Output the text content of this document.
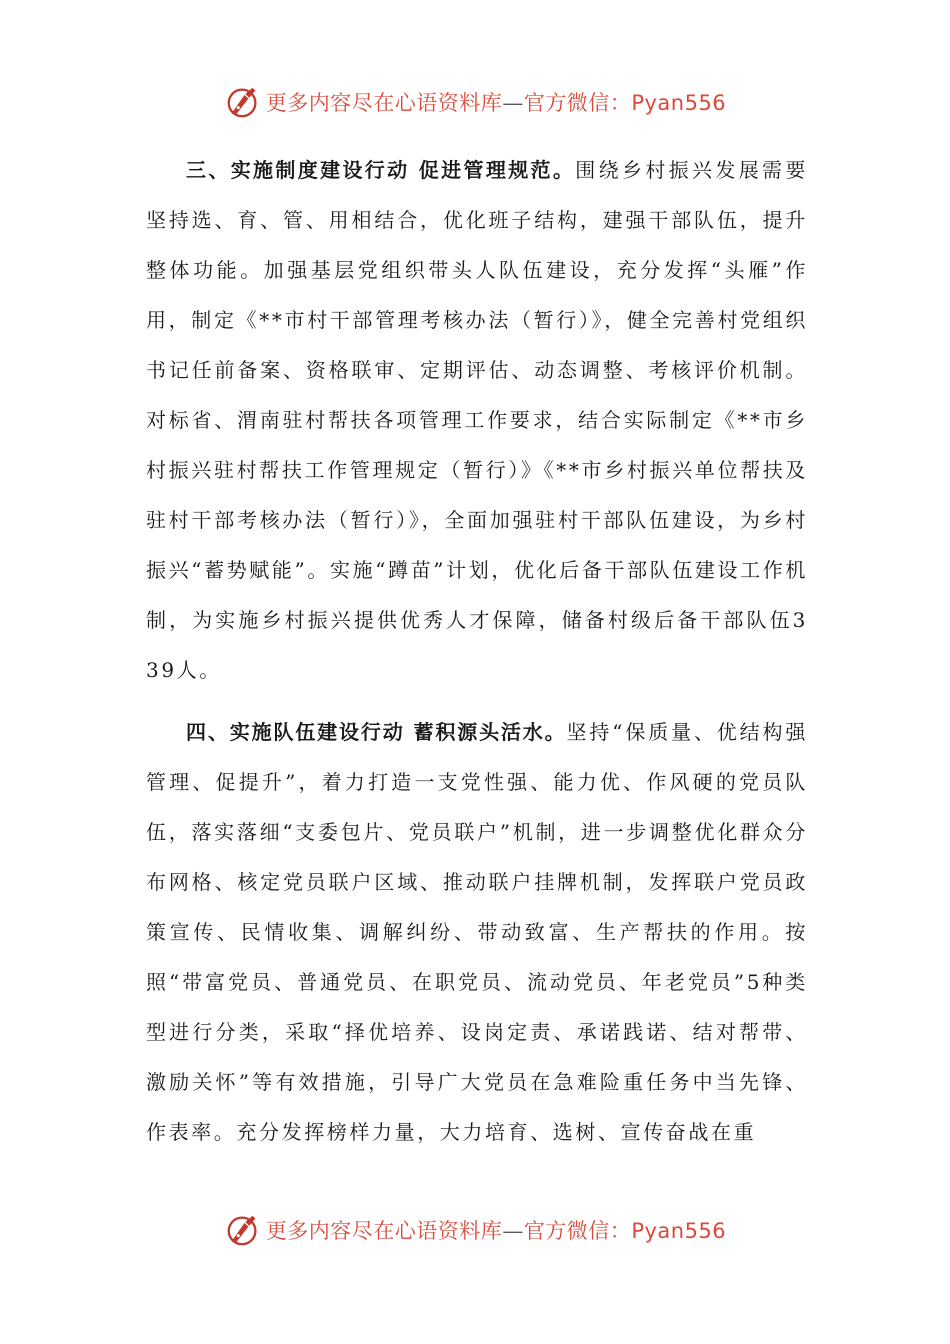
更多内容尽在心语资料库—官方微信：Pyan556

三、实施制度建设行动 促进管理规范。围绕乡村振兴发展需要坚持选、育、管、用相结合，优化班子结构，建强干部队伍，提升整体功能。加强基层党组织带头人队伍建设，充分发挥“头雁”作用，制定《**市村干部管理考核办法（暂行）》，健全完善村党组织书记任前备案、资格联审、定期评估、动态调整、考核评价机制。对标省、渭南驻村帮扶各项管理工作要求，结合实际制定《**市乡村振兴驻村帮扶工作管理规定（暂行）》《**市乡村振兴单位帮扶及驻村干部考核办法（暂行）》，全面加强驻村干部队伍建设，为乡村振兴“蓄势赋能”。实施“蹲苗”计划，优化后备干部队伍建设工作机制，为实施乡村振兴提供优秀人才保障，储备村级后备干部队伍339人。

四、实施队伍建设行动 蓄积源头活水。坚持“保质量、优结构强管理、促提升”，着力打造一支党性强、能力优、作风硬的党员队伍，落实落细“支委包片、党员联户”机制，进一步调整优化群众分布网格、核定党员联户区域、推动联户挂牌机制，发挥联户党员政策宣传、民情收集、调解纠纷、带动致富、生产帮扶的作用。按照“带富党员、普通党员、在职党员、流动党员、年老党员”5种类型进行分类，采取“择优培养、设岗定责、承诺践诺、结对帮带、激励关怀”等有效措施，引导广大党员在急难险重任务中当先锋、作表率。充分发挥榜样力量，大力培育、选树、宣传奋战在重

更多内容尽在心语资料库—官方微信：Pyan556
